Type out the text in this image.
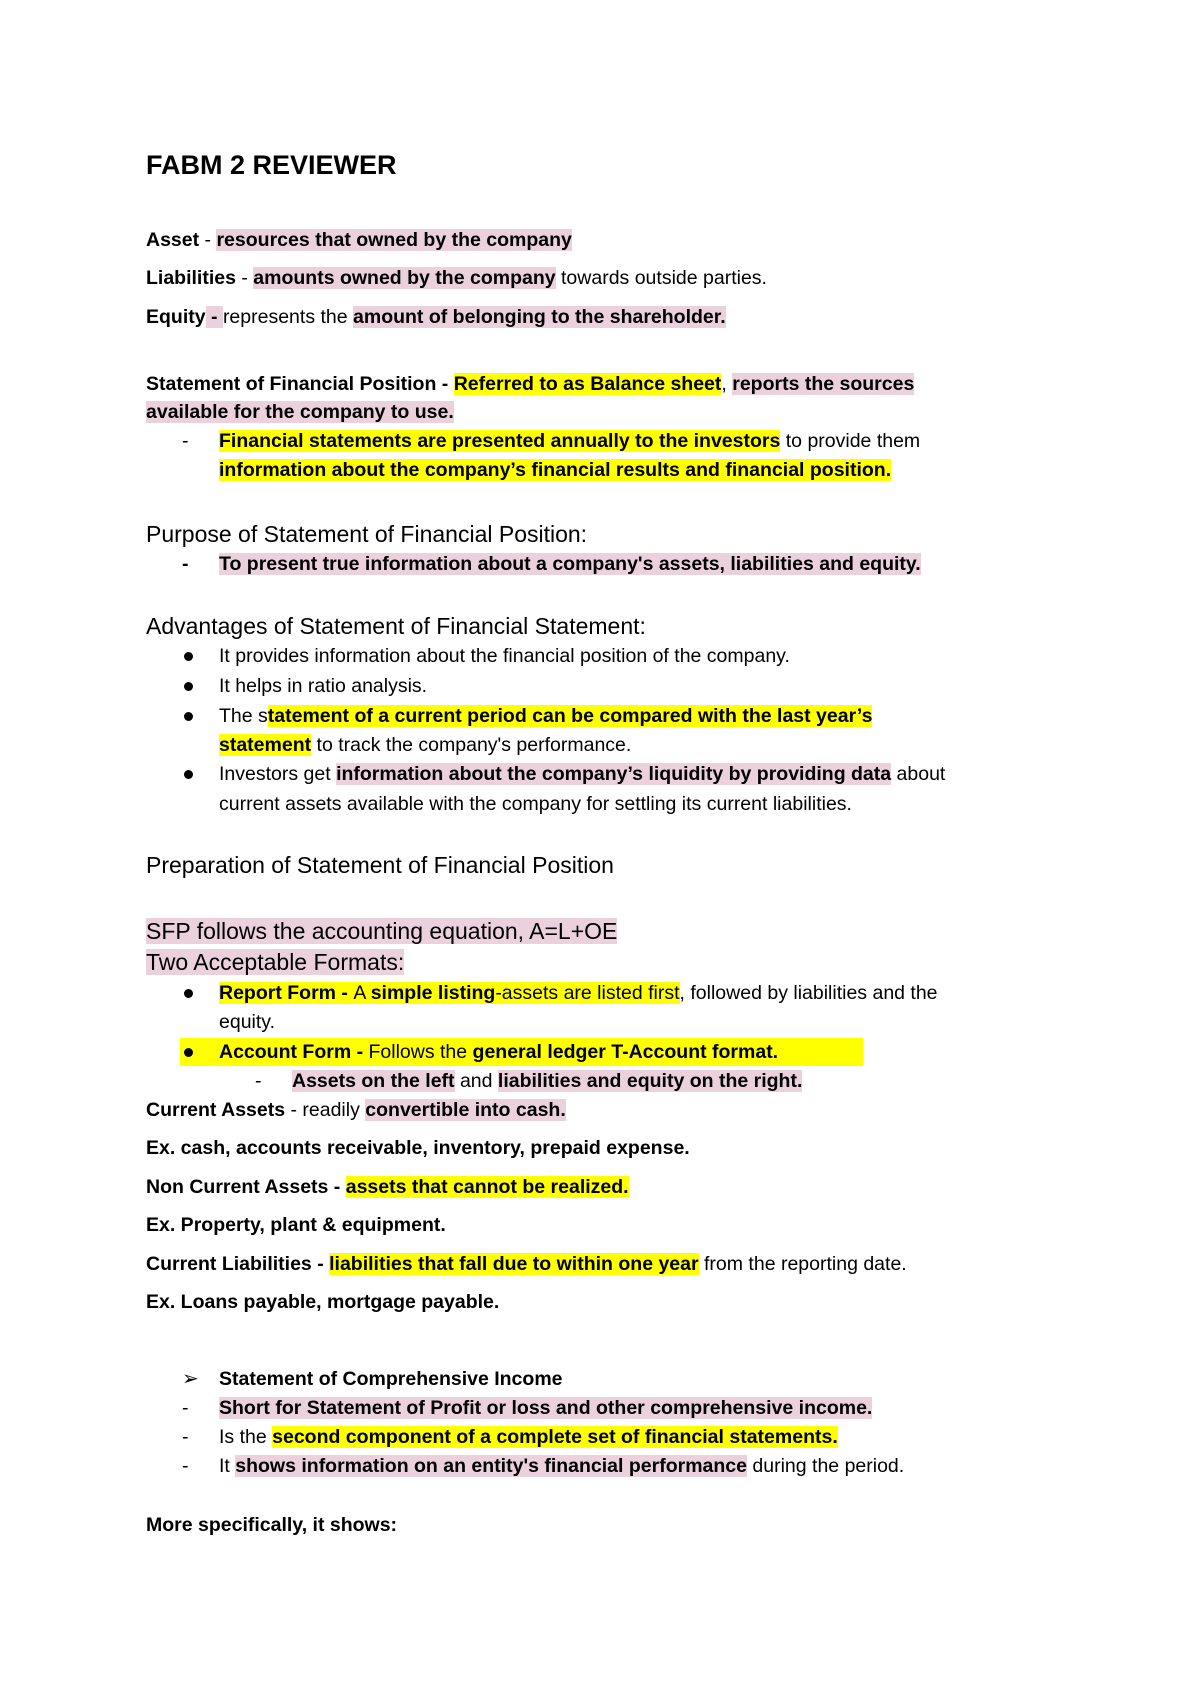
FABM 2 REVIEWER
Asset - resources that owned by the company
Liabilities - amounts owned by the company towards outside parties.
Equity - represents the amount of belonging to the shareholder.
Statement of Financial Position - Referred to as Balance sheet, reports the sources
available for the company to use.
- Financial statements are presented annually to the investors to provide them
information about the company’s financial results and financial position.
Purpose of Statement of Financial Position:
- To present true information about a company's assets, liabilities and equity.
Advantages of Statement of Financial Statement:
It provides information about the financial position of the company.
It helps in ratio analysis.
The statement of a current period can be compared with the last year’s
statement to track the company's performance.
Investors get information about the company’s liquidity by providing data about
current assets available with the company for settling its current liabilities.
Preparation of Statement of Financial Position
SFP follows the accounting equation, A=L+OE
Two Acceptable Formats:
Report Form - A simple listing-assets are listed first, followed by liabilities and the
equity.
Account Form - Follows the general ledger T-Account format.
- Assets on the left and liabilities and equity on the right.
Current Assets - readily convertible into cash.
Ex. cash, accounts receivable, inventory, prepaid expense.
Non Current Assets - assets that cannot be realized.
Ex. Property, plant & equipment.
Current Liabilities - liabilities that fall due to within one year from the reporting date.
Ex. Loans payable, mortgage payable.
➢ Statement of Comprehensive Income
- Short for Statement of Profit or loss and other comprehensive income.
- Is the second component of a complete set of financial statements.
- It shows information on an entity's financial performance during the period.
More specifically, it shows:
